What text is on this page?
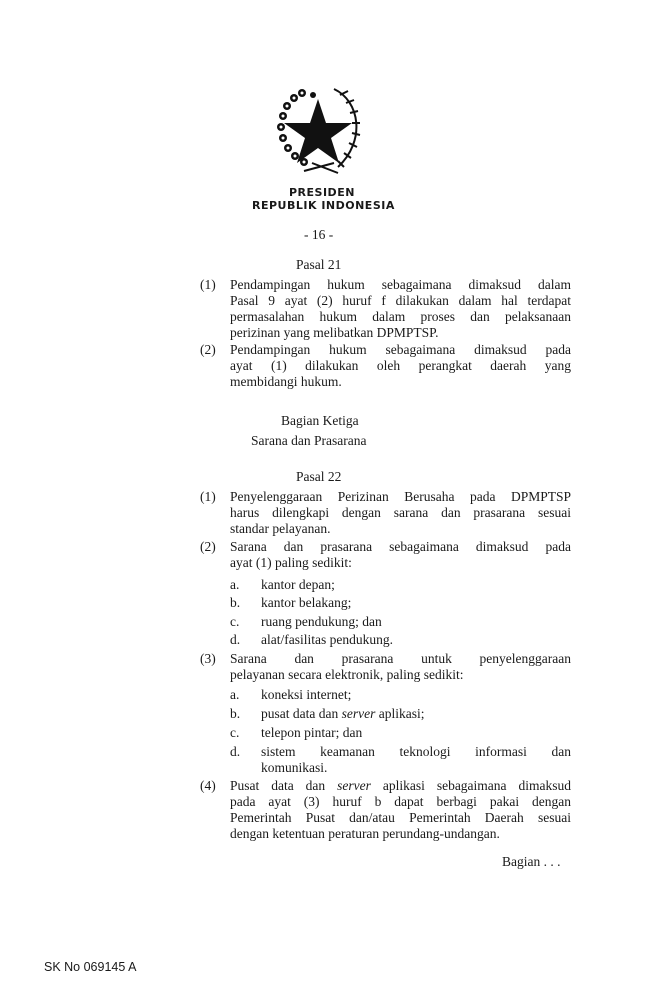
PRESIDEN
REPUBLIK INDONESIA
- 16 -
Pasal 21
(1) Pendampingan hukum sebagaimana dimaksud dalam
Pasal 9 ayat (2) huruf f dilakukan dalam hal terdapat
permasalahan hukum dalam proses dan pelaksanaan
perizinan yang melibatkan DPMPTSP.
(2) Pendampingan hukum sebagaimana dimaksud pada
ayat (1) dilakukan oleh perangkat daerah yang
membidangi hukum.
Bagian Ketiga
Sarana dan Prasarana
Pasal 22
(1) Penyelenggaraan Perizinan Berusaha pada DPMPTSP
harus dilengkapi dengan sarana dan prasarana sesuai
standar pelayanan.
(2) Sarana dan prasarana sebagaimana dimaksud pada
ayat (1) paling sedikit:
a. kantor depan;
b. kantor belakang;
c. ruang pendukung; dan
d. alat/fasilitas pendukung.
(3) Sarana dan prasarana untuk penyelenggaraan
pelayanan secara elektronik, paling sedikit:
a. koneksi internet;
b. pusat data dan server aplikasi;
c. telepon pintar; dan
d. sistem keamanan teknologi informasi dan
komunikasi.
(4) Pusat data dan server aplikasi sebagaimana dimaksud
pada ayat (3) huruf b dapat berbagi pakai dengan
Pemerintah Pusat dan/atau Pemerintah Daerah sesuai
dengan ketentuan peraturan perundang-undangan.
Bagian . . .
SK No 069145 A
